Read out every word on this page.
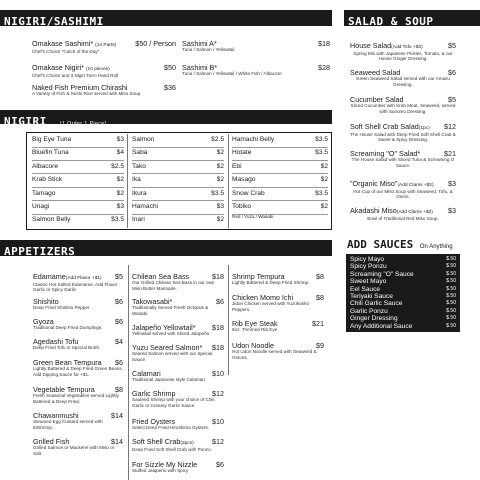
NIGIRI/SASHIMI
Omakase Sashimi* (14 Parts)	$50 / Person
Chef's Choice "Catch of the Day"
Omakase Nigiri* (10 pieces)	$50
Chef's Choice and 3 Nigiri Torro Hand Roll
Naked Fish Premium Chirashi	$36
A Variety of Fish & Sushi Rice served with Miso Soup.
Sashimi A*	$18
Tuna / Salmon / Yellowtail
Sashimi B*	$28
Tuna / Salmon / Yellowtail / White Fish / Albacore
NIGIRI	(1 Order 1 Piece)
Big Eye Tuna	$3
Bluefin Tuna	$4
Albacore	$2.5
Krab Stick	$2
Tamago	$2
Unagi	$3
Salmon Belly	$3.5
Salmon	$2.5
Saba	$2
Tako	$2
Ika	$2
Ikura	$3.5
Hamachi	$3
Inari	$2
Hamachi Belly	$3.5
Hotate	$3.5
Ebi	$2
Masago	$2
Snow Crab	$3.5
Tobiko	$2
Red / Yuzu / Wasabi
SALAD & SOUP
House Salad(Add Tofu +$3)	$5
Spring Mix with Japanese Pickles, Tomato, & our House Ginger Dressing.
Seaweed Salad	$6
Green Seaweed Salad served with our Amazu Dressing.
Cucumber Salad	$5
Sliced Cucumber with Krab Meat, Seaweed, served with Sunomo Dressing.
Soft Shell Crab Salad(1pc) $12
The House Salad with Deep Fried Soft Shell Crab & Sweet & Spicy Dressing.
Screaming "O" Salad*	$21
The House Salad with Sliced Tuna & Screaming O Sauce.
"Organic Miso"(Add Clams +$2) $3
Hot Cup of our Miso Soup with Seaweed, Tofu, & Onion.
Akadashi Miso(Add Clams +$2) $3
Bowl of Traditional Red Miso Soup.
ADD SAUCES On Anything
Spicy Mayo	$.50
Spicy Ponzu	$.50
Screaming "O" Sauce	$.50
Sweet Mayo	$.50
Eel Sauce	$.50
Teriyaki Sauce	$.50
Chili Garlic Sauce	$.50
Garlic Ponzu	$.50
Ginger Dressing	$.50
Any Additional Sauce	$.50
APPETIZERS
Edamame(Add Flavor +$1) $5
Classic Hot Salted Edamame. Add Flavor : Garlic or Spicy Garlic
Shishito	$6
Deep Fried Shishito Pepper
Gyoza	$6
Traditional Deep Fried Dumplings.
Agedashi Tofu	$4
Deep Fried Tofu in Special Broth.
Green Bean Tempura $6
Lightly Battered & Deep Fried Green Beans. Add Dipping Sauce for +$1.
Vegetable Tempura	$8
Fresh Seasonal Vegetables served Lightly Battered & Deep Fried.
Chawanmushi	$14
Steamed Egg Custard served with 83shrimp.
Grilled Fish	$14
Grilled Salmon or Mackerel with Miso or Salt.
Chilean Sea Bass	$18
Our Grilled Chilean Sea Bass in our own Miso Butter Marinade.
Takowasabi*	$6
Traditionally Served Fresh Octopus & Wasabi.
Jalapeño Yellowtail* $18
Yellowtail served with Sliced Jalapeño.
Yuzu Seared Salmon* $18
Seared Salmon served with our Special Sauce.
Calamari	$10
Traditional Japanese style Calamari.
Garlic Shrimp	$12
Sauteed Shrimp with your choice of Chili Garlic or Creamy Garlic Sauce.
Fried Oysters	$10
Select Deep Fried Hiroshima Oysters.
Soft Shell Crab(2pcs)	$12
Deep Fried Soft Shell Crab with Ponzu.
For Sizzle My Nizzle	$6
Stuffed Jalapeño with Spicy
Shrimp Tempura	$8
Lightly Battered & Deep Fried Shrimp.
Chicken Momo Ichi	$8
Jidori Chicken served with Yuzukosho Peppers.
Rib Eye Steak	$21
8oz. Trimmed Rib Eye
Udon Noodle	$9
Hot Udon Noodle served with Seaweed & Onions.
